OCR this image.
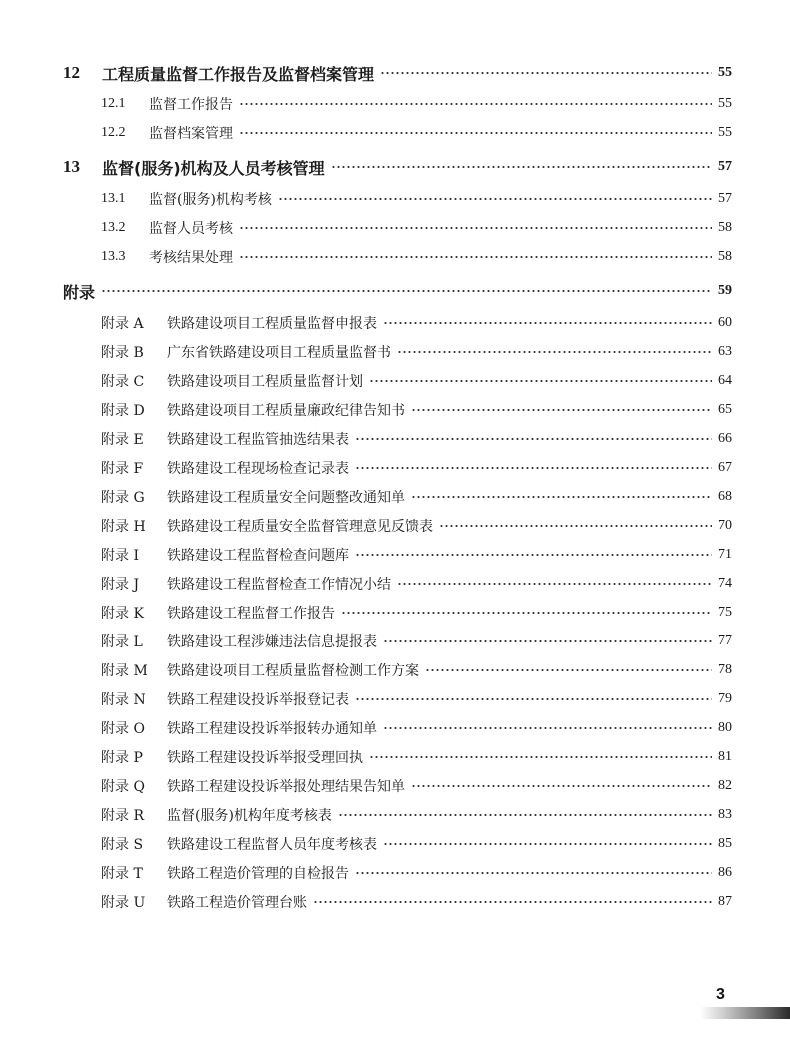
12 工程质量监督工作报告及监督档案管理	55
12.1	监督工作报告	55
12.2	监督档案管理	55
13 监督(服务)机构及人员考核管理	57
13.1	监督(服务)机构考核	57
13.2	监督人员考核	58
13.3	考核结果处理	58
附录	59
附录 A	铁路建设项目工程质量监督申报表	60
附录 B	广东省铁路建设项目工程质量监督书	63
附录 C	铁路建设项目工程质量监督计划	64
附录 D	铁路建设项目工程质量廉政纪律告知书	65
附录 E	铁路建设工程监管抽选结果表	66
附录 F	铁路建设工程现场检查记录表	67
附录 G	铁路建设工程质量安全问题整改通知单	68
附录 H	铁路建设工程质量安全监督管理意见反馈表	70
附录 I	铁路建设工程监督检查问题库	71
附录 J	铁路建设工程监督检查工作情况小结	74
附录 K	铁路建设工程监督工作报告	75
附录 L	铁路建设工程涉嫌违法信息提报表	77
附录 M	铁路建设项目工程质量监督检测工作方案	78
附录 N	铁路工程建设投诉举报登记表	79
附录 O	铁路工程建设投诉举报转办通知单	80
附录 P	铁路工程建设投诉举报受理回执	81
附录 Q	铁路工程建设投诉举报处理结果告知单	82
附录 R	监督(服务)机构年度考核表	83
附录 S	铁路建设工程监督人员年度考核表	85
附录 T	铁路工程造价管理的自检报告	86
附录 U	铁路工程造价管理台账	87
3
